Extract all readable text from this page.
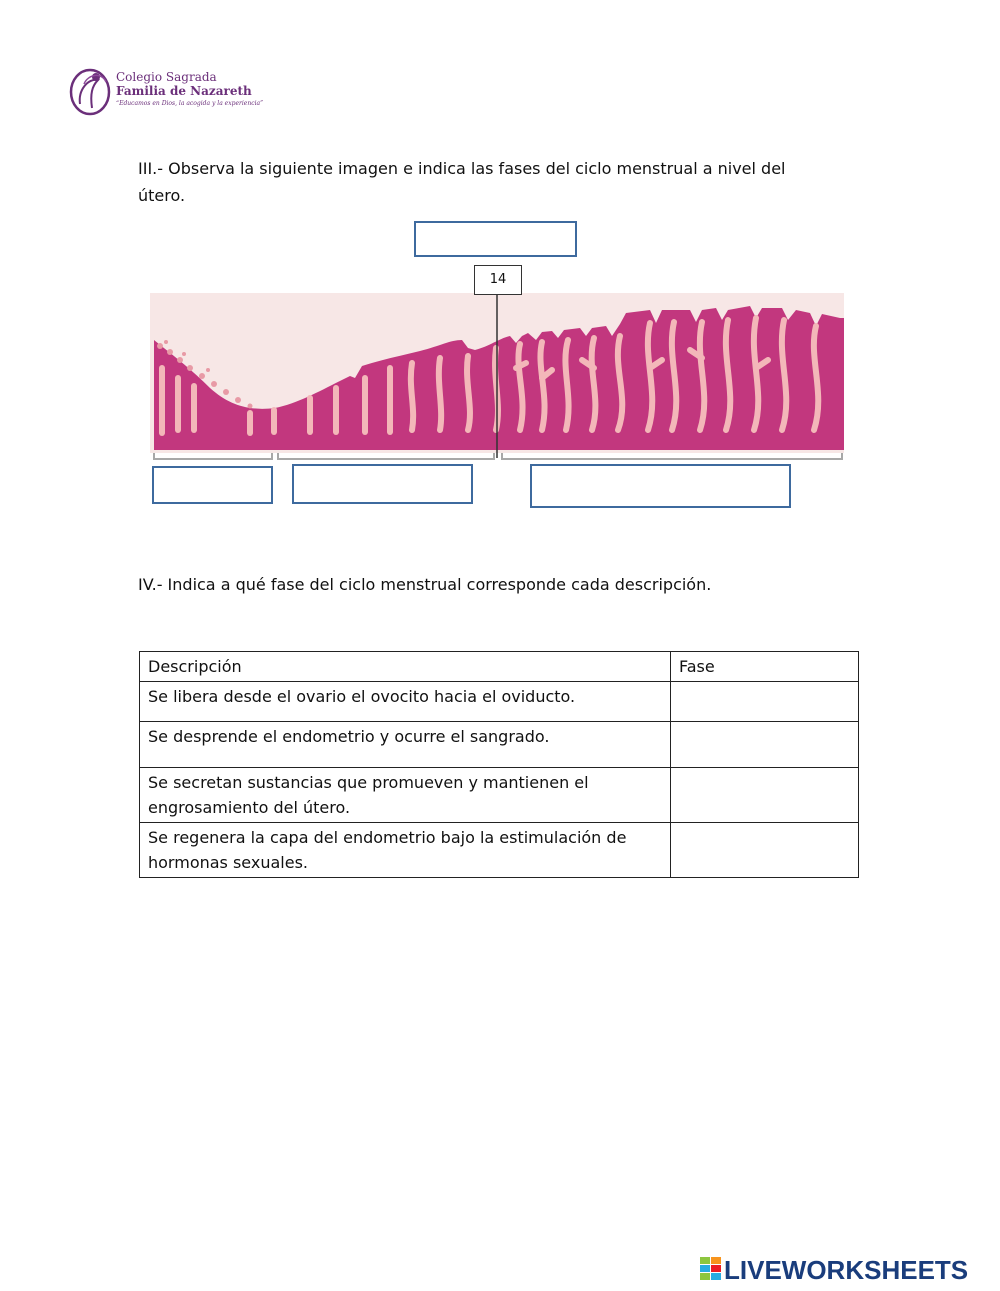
Colegio Sagrada
Familia de Nazareth
“Educamos en Dios, la acogida y la experiencia”
III.- Observa la siguiente imagen e indica las fases del ciclo menstrual a nivel del
útero.
14
IV.- Indica a qué fase del ciclo menstrual corresponde cada descripción.
Descripción	Fase
Se libera desde el ovario el ovocito hacia el oviducto.	
Se desprende el endometrio y ocurre el sangrado.	
Se secretan sustancias que promueven y mantienen el engrosamiento del útero.	
Se regenera la capa del endometrio bajo la estimulación de hormonas sexuales.	
LIVEWORKSHEETS
